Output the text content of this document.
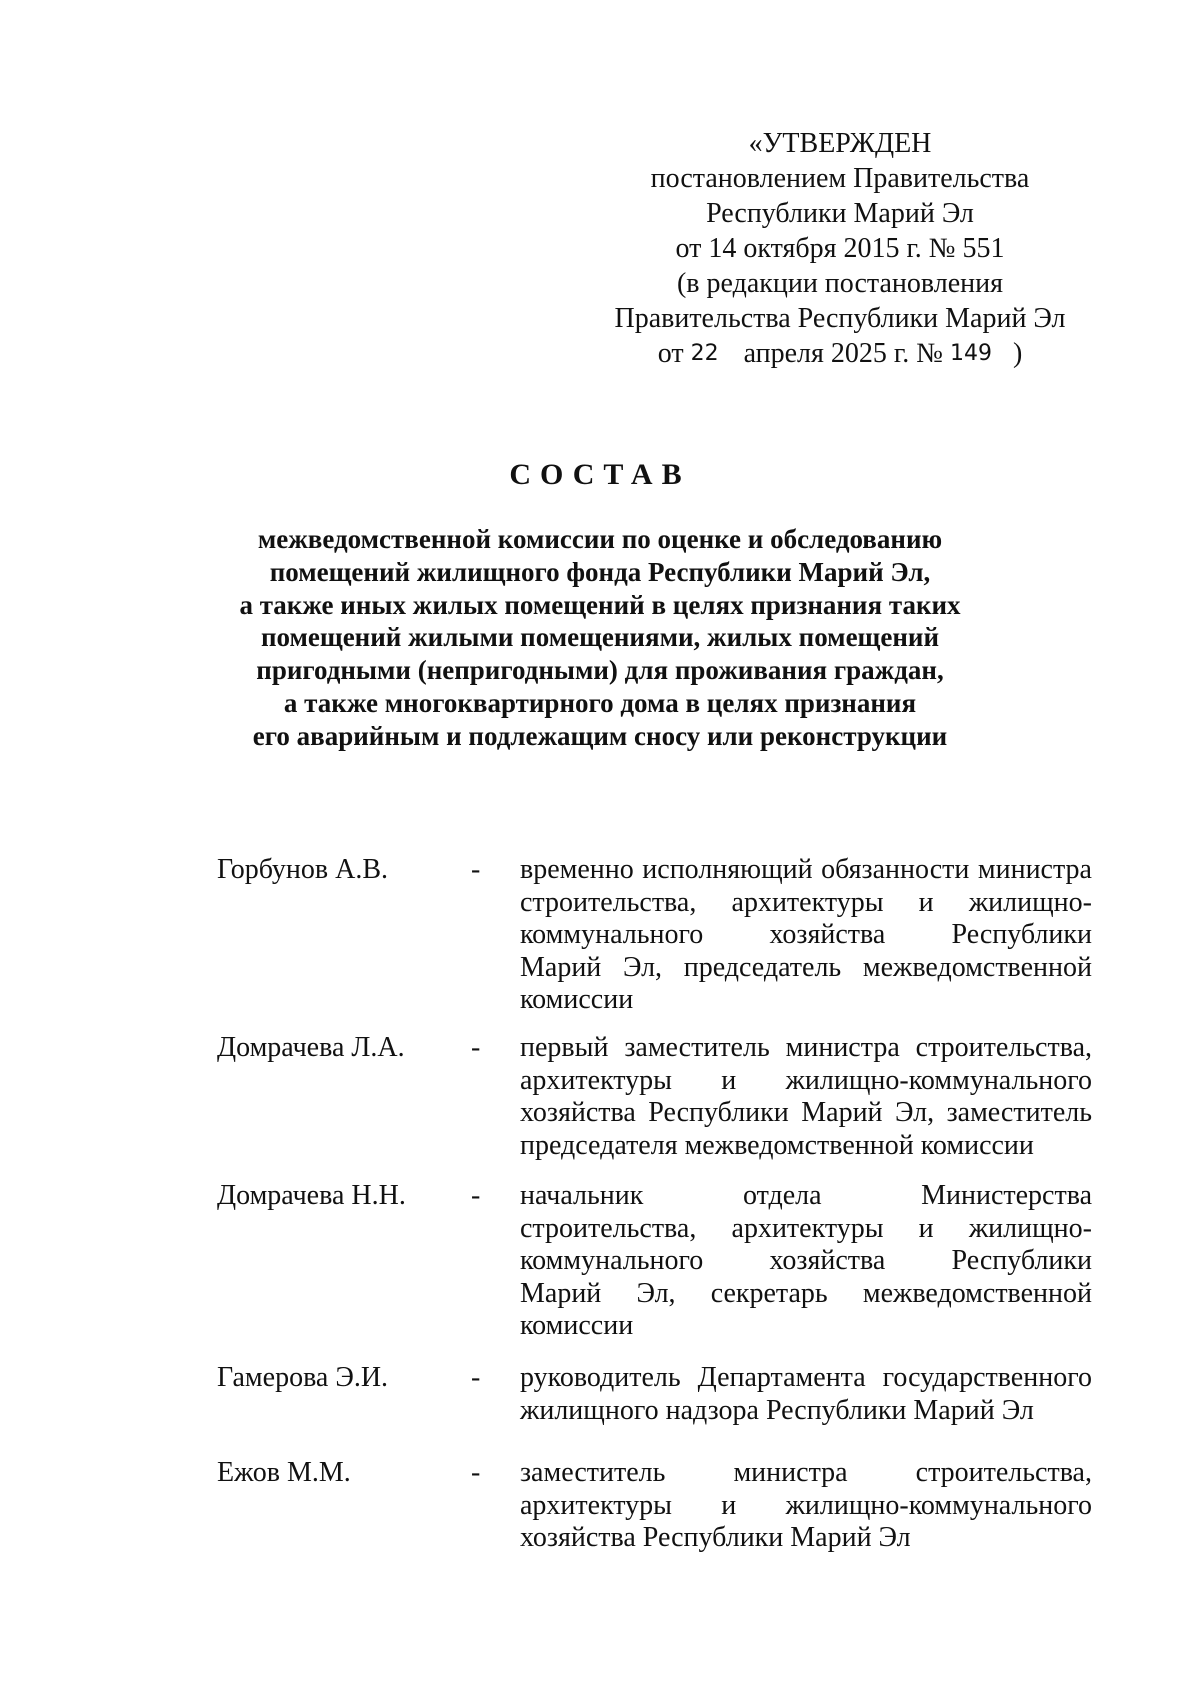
«УТВЕРЖДЕН
постановлением Правительства
Республики Марий Эл
от 14 октября 2015 г. № 551
(в редакции постановления
Правительства Республики Марий Эл
от 22 апреля 2025 г. № 149 )
СОСТАВ
межведомственной комиссии по оценке и обследованию
помещений жилищного фонда Республики Марий Эл,
а также иных жилых помещений в целях признания таких
помещений жилыми помещениями, жилых помещений
пригодными (непригодными) для проживания граждан,
а также многоквартирного дома в целях признания
его аварийным и подлежащим сносу или реконструкции
Горбунов А.В.	- временно исполняющий обязанности министра
строительства, архитектуры и жилищно-
коммунального хозяйства Республики
Марий Эл, председатель межведомственной
комиссии
Домрачева Л.А. - первый заместитель министра строительства,
архитектуры и жилищно-коммунального
хозяйства Республики Марий Эл, заместитель
председателя межведомственной комиссии
Домрачева Н.Н. - начальник отдела Министерства
строительства, архитектуры и жилищно-
коммунального хозяйства Республики
Марий Эл, секретарь межведомственной
комиссии
Гамерова Э.И.	- руководитель Департамента государственного
жилищного надзора Республики Марий Эл
Ежов М.М.	- заместитель министра строительства,
архитектуры и жилищно-коммунального
хозяйства Республики Марий Эл
